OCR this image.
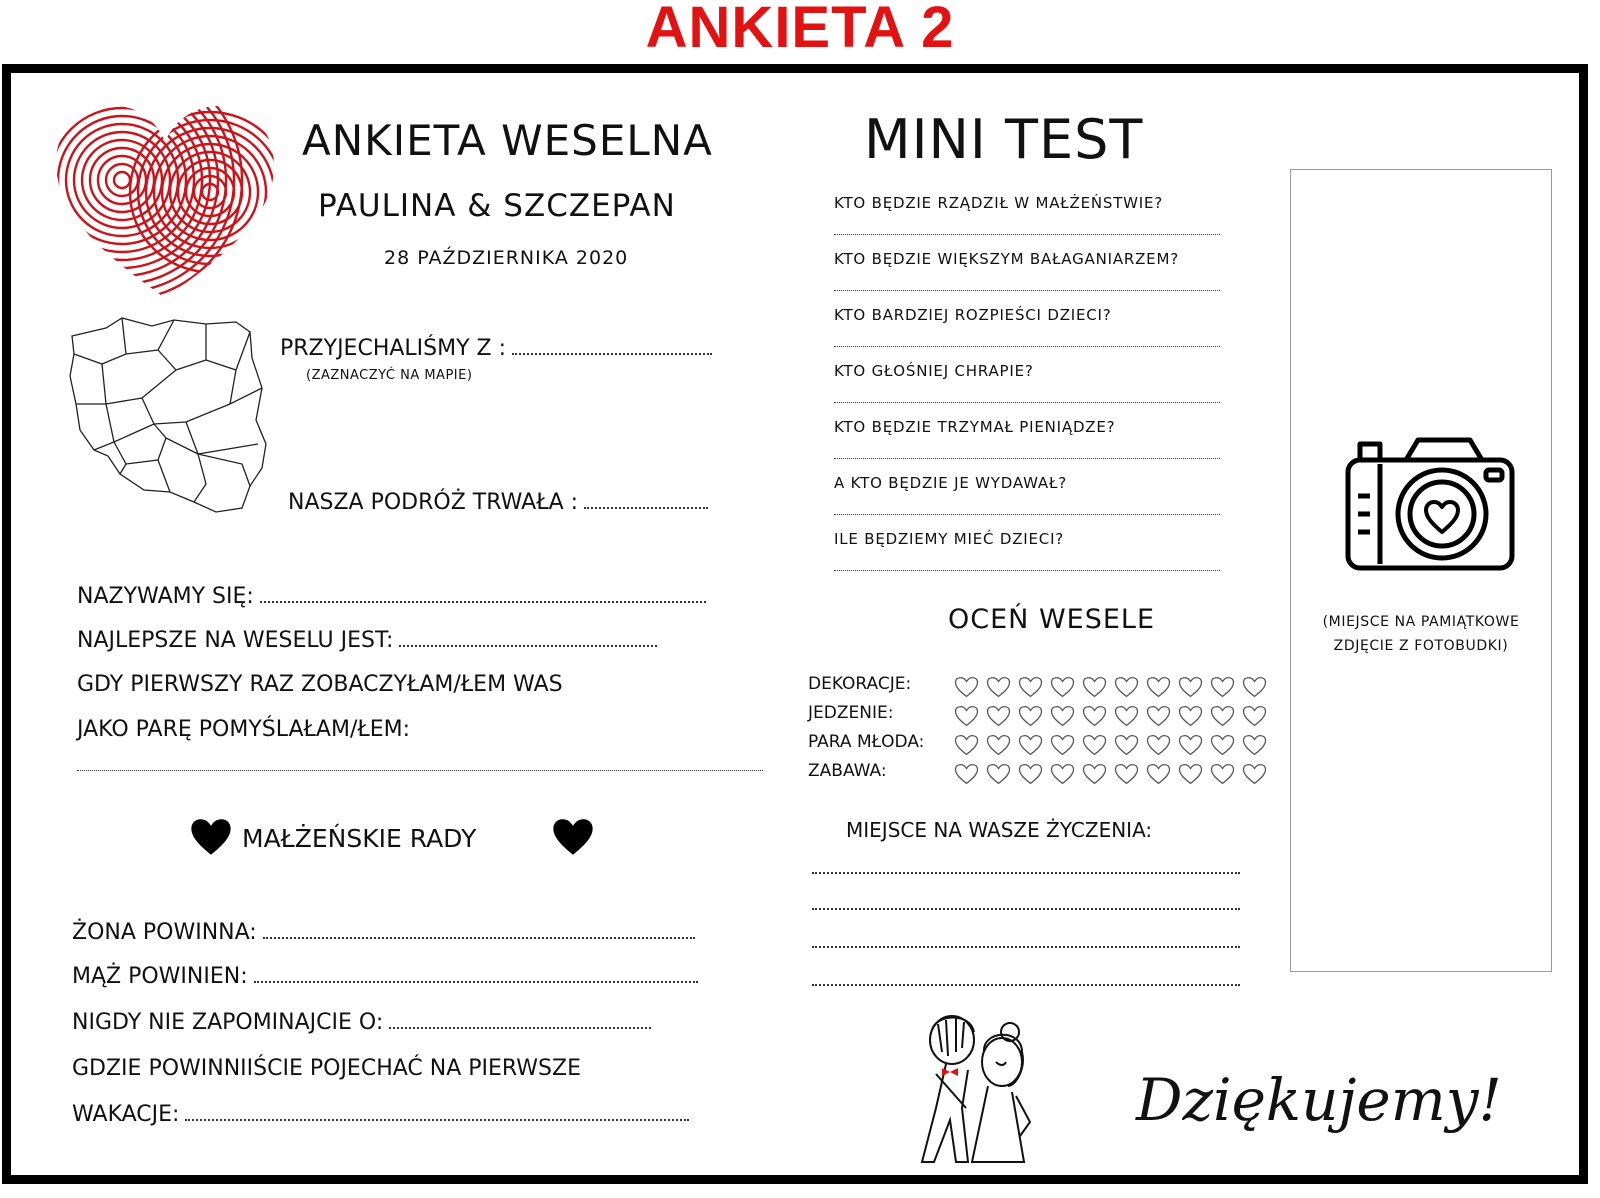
ANKIETA 2
ANKIETA WESELNA
PAULINA & SZCZEPAN
28 PAŹDZIERNIKA 2020
PRZYJECHALIŚMY Z :
(ZAZNACZYĆ NA MAPIE)
NASZA PODRÓŻ TRWAŁA :
NAZYWAMY SIĘ:
NAJLEPSZE NA WESELU JEST:
GDY PIERWSZY RAZ ZOBACZYŁAM/ŁEM WAS
JAKO PARĘ POMYŚLAŁAM/ŁEM:
MAŁŻEŃSKIE RADY
ŻONA POWINNA:
MĄŻ POWINIEN:
NIGDY NIE ZAPOMINAJCIE O:
GDZIE POWINNIIŚCIE POJECHAĆ NA PIERWSZE
WAKACJE:
MINI TEST
KTO BĘDZIE RZĄDZIŁ W MAŁŻEŃSTWIE?
KTO BĘDZIE WIĘKSZYM BAŁAGANIARZEM?
KTO BARDZIEJ ROZPIEŚCI DZIECI?
KTO GŁOŚNIEJ CHRAPIE?
KTO BĘDZIE TRZYMAŁ PIENIĄDZE?
A KTO BĘDZIE JE WYDAWAŁ?
ILE BĘDZIEMY MIEĆ DZIECI?
OCEŃ WESELE
DEKORACJE:
JEDZENIE:
PARA MŁODA:
ZABAWA:
MIEJSCE NA WASZE ŻYCZENIA:
(MIEJSCE NA PAMIĄTKOWE
ZDJĘCIE Z FOTOBUDKI)
Dziękujemy!
